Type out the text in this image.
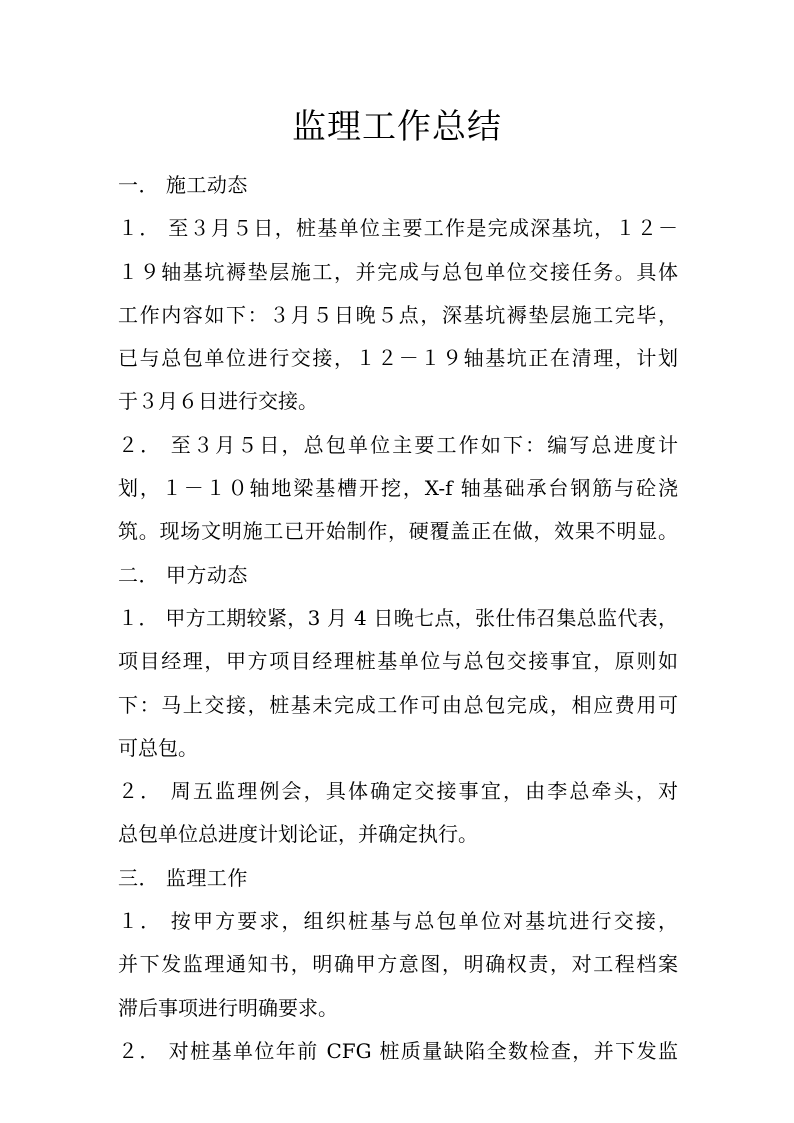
监理工作总结
一． 施工动态
１． 至３月５日，桩基单位主要工作是完成深基坑，１２－
１９轴基坑褥垫层施工，并完成与总包单位交接任务。具体
工作内容如下：３月５日晚５点，深基坑褥垫层施工完毕，
已与总包单位进行交接，１２－１９轴基坑正在清理，计划
于３月６日进行交接。
２． 至３月５日，总包单位主要工作如下：编写总进度计
划，１－１０轴地梁基槽开挖，X-f 轴基础承台钢筋与砼浇
筑。现场文明施工已开始制作，硬覆盖正在做，效果不明显。
二． 甲方动态
１． 甲方工期较紧，3 月 4 日晚七点，张仕伟召集总监代表，
项目经理，甲方项目经理桩基单位与总包交接事宜，原则如
下：马上交接，桩基未完成工作可由总包完成，相应费用可
可总包。
２． 周五监理例会，具体确定交接事宜，由李总牵头，对
总包单位总进度计划论证，并确定执行。
三． 监理工作
１． 按甲方要求，组织桩基与总包单位对基坑进行交接，
并下发监理通知书，明确甲方意图，明确权责，对工程档案
滞后事项进行明确要求。
２． 对桩基单位年前 CFG 桩质量缺陷全数检查，并下发监
